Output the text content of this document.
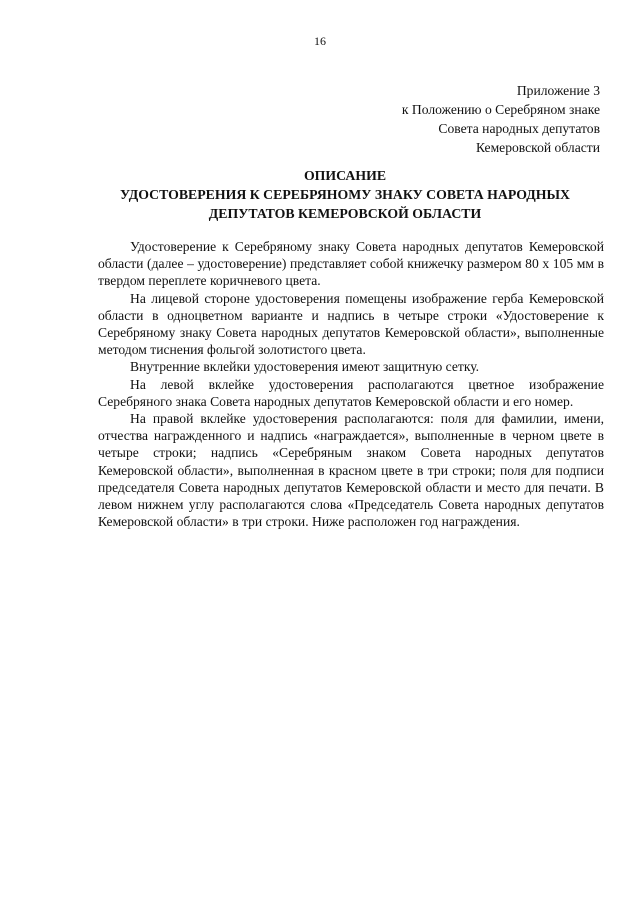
16
Приложение 3
к Положению о Серебряном знаке
Совета народных депутатов
Кемеровской области
ОПИСАНИЕ
УДОСТОВЕРЕНИЯ К СЕРЕБРЯНОМУ ЗНАКУ СОВЕТА НАРОДНЫХ
ДЕПУТАТОВ КЕМЕРОВСКОЙ ОБЛАСТИ

Удостоверение к Серебряному знаку Совета народных депутатов Кемеровской области (далее – удостоверение) представляет собой книжечку размером 80 x 105 мм в твердом переплете коричневого цвета.

На лицевой стороне удостоверения помещены изображение герба Кемеровской области в одноцветном варианте и надпись в четыре строки «Удостоверение к Серебряному знаку Совета народных депутатов Кемеровской области», выполненные методом тиснения фольгой золотистого цвета.

Внутренние вклейки удостоверения имеют защитную сетку.

На левой вклейке удостоверения располагаются цветное изображение Серебряного знака Совета народных депутатов Кемеровской области и его номер.

На правой вклейке удостоверения располагаются: поля для фамилии, имени, отчества награжденного и надпись «награждается», выполненные в черном цвете в четыре строки; надпись «Серебряным знаком Совета народных депутатов Кемеровской области», выполненная в красном цвете в три строки; поля для подписи председателя Совета народных депутатов Кемеровской области и место для печати. В левом нижнем углу располагаются слова «Председатель Совета народных депутатов Кемеровской области» в три строки. Ниже расположен год награждения.
